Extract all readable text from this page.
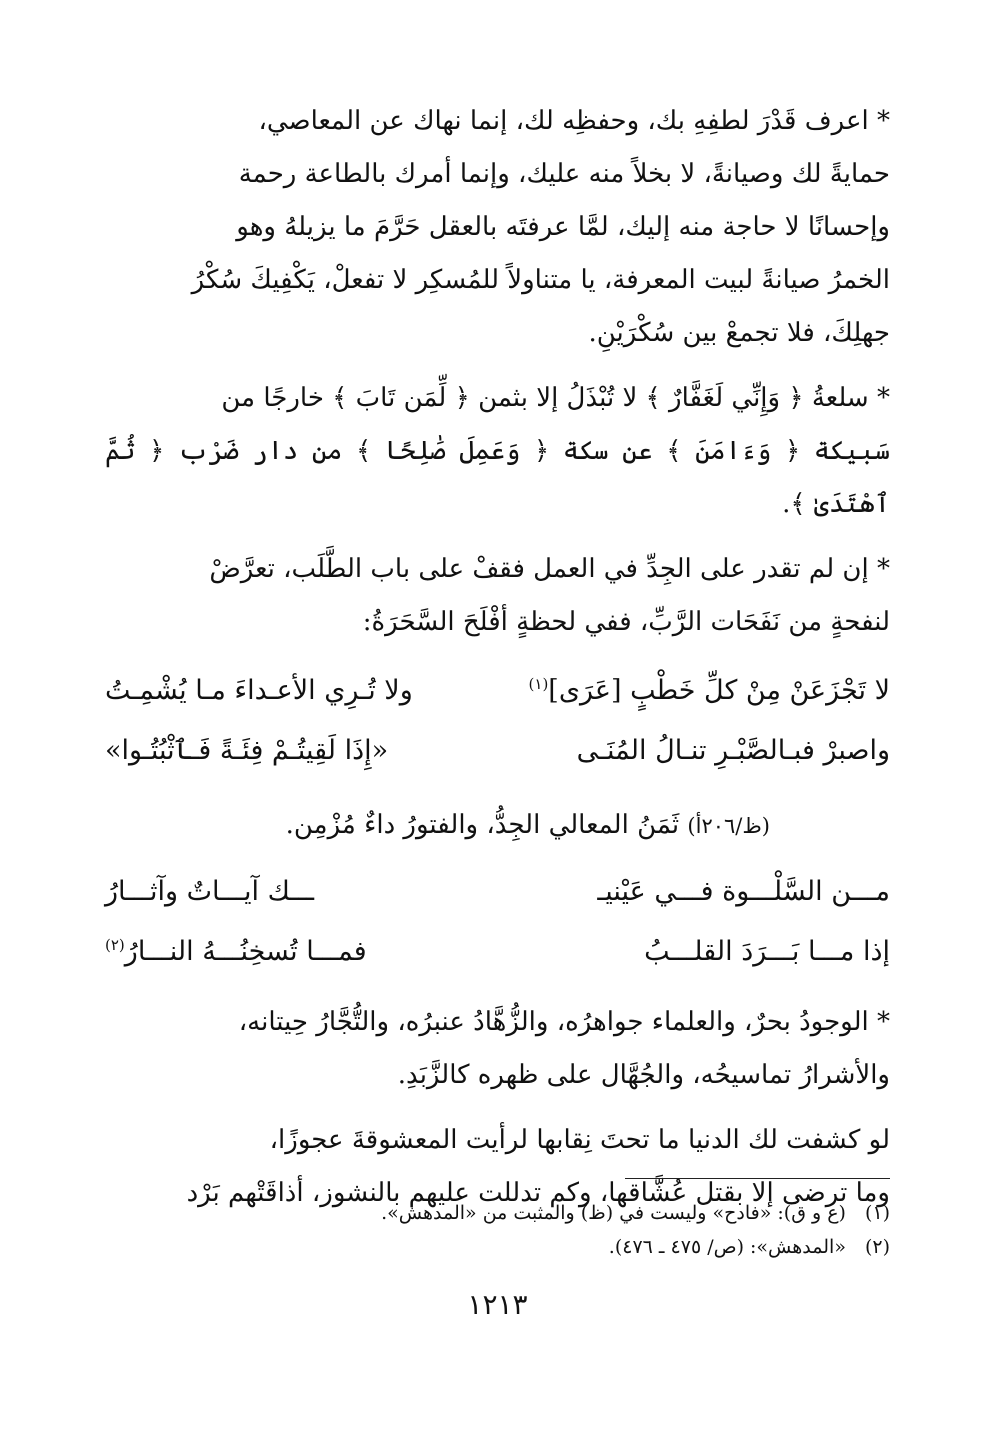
* اعرف قَدْرَ لطفِهِ بك، وحفظِه لك، إنما نهاك عن المعاصي،

حمايةً لك وصيانةً، لا بخلاً منه عليك، وإنما أمرك بالطاعة رحمة

وإحسانًا لا حاجة منه إليك، لمَّا عرفتَه بالعقل حَرَّمَ ما يزيلهُ وهو

الخمرُ صيانةً لبيت المعرفة، يا متناولاً للمُسكِر لا تفعلْ، يَكْفِيكَ سُكْرُ

جهلِكَ، فلا تجمعْ بين سُكْرَيْنِ.

* سلعةُ ﴿ وَإِنِّي لَغَفَّارٌ ﴾ لا تُبْذَلُ إلا بثمن ﴿ لِّمَن تَابَ ﴾ خارجًا من

سَبيكة ﴿ وَءَامَنَ ﴾ عن سكة ﴿ وَعَمِلَ صَٰلِحًا ﴾ من دار ضَرْب ﴿ ثُمَّ ٱهْتَدَىٰ ﴾.

* إن لم تقدر على الجِدِّ في العمل فقفْ على باب الطَّلَب، تعرَّضْ

لنفحةٍ من نَفَحَات الرَّبِّ، ففي لحظةٍ أفْلَحَ السَّحَرَةُ:

لا تَجْزَعَنْ مِنْ كلِّ خَطْبٍ [عَرَى]$^{(١)}$
ولا تُـرِي الأعـداءَ مـا يُشْمِـتُ
واصبرْ فبـالصَّبْـرِ تنـالُ المُنَـى
«إِذَا لَقِيتُـمْ فِئَـةً فَـٱثْبُتُـوا»
(ظ/٢٠٦أ) ثَمَنُ المعالي الجِدُّ، والفتورُ داءٌ مُزْمِن.
مـــن السَّلْـــوة فـــي عَيْنيـ
ـــك آيـــاتٌ وآثـــارُ
إذا مـــا بَـــرَدَ القلـــبُ
فمـــا تُسخِنُـــهُ النـــارُ$^{(٢)}$

* الوجودُ بحرٌ، والعلماء جواهرُه، والزُّهَّادُ عنبرُه، والتُّجَّارُ حِيتانه،

والأشرارُ تماسيحُه، والجُهَّال على ظهره كالزَّبَدِ.

لو كشفت لك الدنيا ما تحتَ نِقابها لرأيت المعشوقةَ عجوزًا،

وما ترضى إلا بقتل عُشَّاقها، وكم تدللت عليهم بالنشوز، أذاقَتْهم بَرْد

(١) (ع و ق): «فادح» وليست في (ظ) والمثبت من «المدهش».
(٢) «المدهش»: (ص/ ٤٧٥ ـ ٤٧٦).
١٢١٣
